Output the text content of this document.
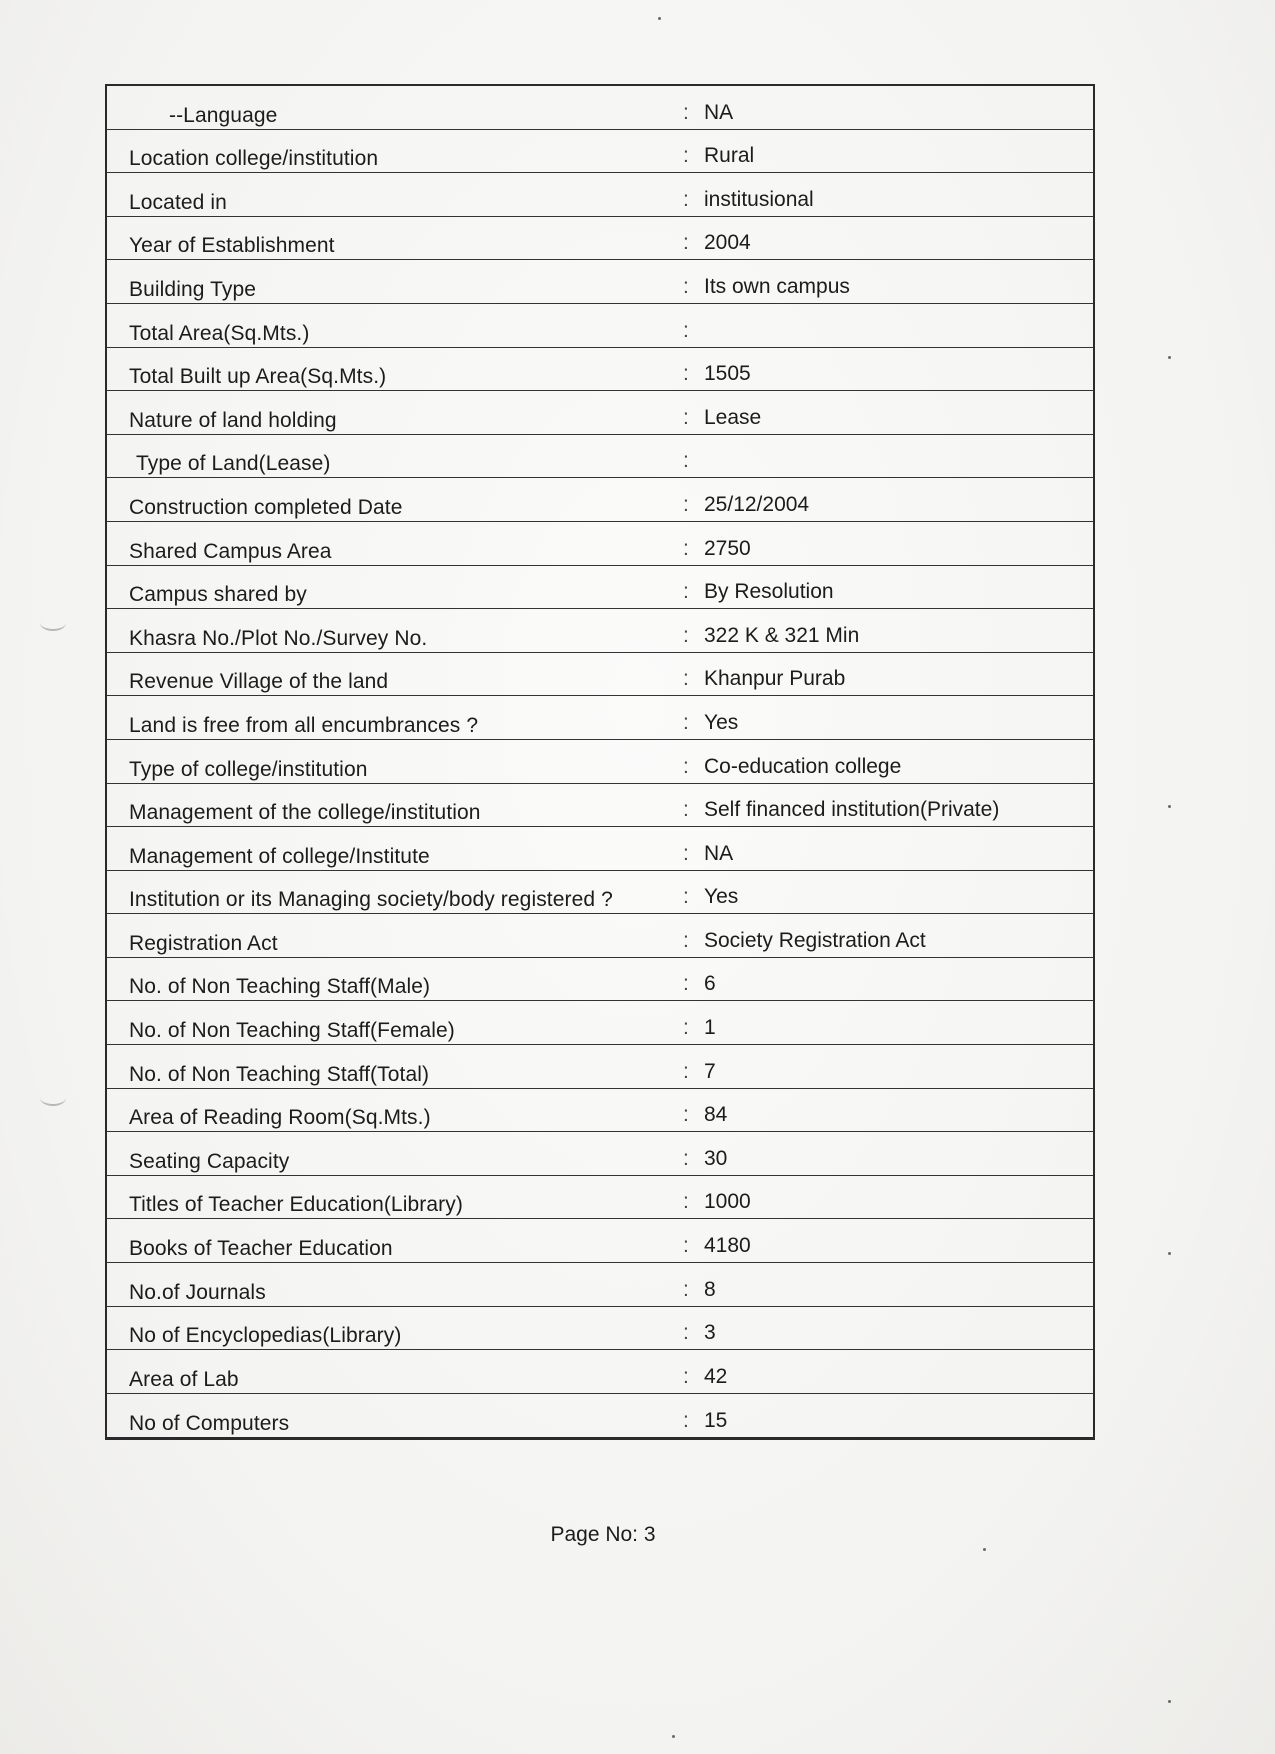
--Language	: NA
Location college/institution	: Rural
Located in	: institusional
Year of Establishment	: 2004
Building Type	: Its own campus
Total Area(Sq.Mts.)	:
Total Built up Area(Sq.Mts.)	: 1505
Nature of land holding	: Lease
Type of Land(Lease)	:
Construction completed Date	: 25/12/2004
Shared Campus Area	: 2750
Campus shared by	: By Resolution
Khasra No./Plot No./Survey No.	: 322 K & 321 Min
Revenue Village of the land	: Khanpur Purab
Land is free from all encumbrances ?	: Yes
Type of college/institution	: Co-education college
Management of the college/institution	: Self financed institution(Private)
Management of college/Institute	: NA
Institution or its Managing society/body registered ?	: Yes
Registration Act	: Society Registration Act
No. of Non Teaching Staff(Male)	: 6
No. of Non Teaching Staff(Female)	: 1
No. of Non Teaching Staff(Total)	: 7
Area of Reading Room(Sq.Mts.)	: 84
Seating Capacity	: 30
Titles of Teacher Education(Library)	: 1000
Books of Teacher Education	: 4180
No.of Journals	: 8
No of Encyclopedias(Library)	: 3
Area of Lab	: 42
No of Computers	: 15
Page No: 3
